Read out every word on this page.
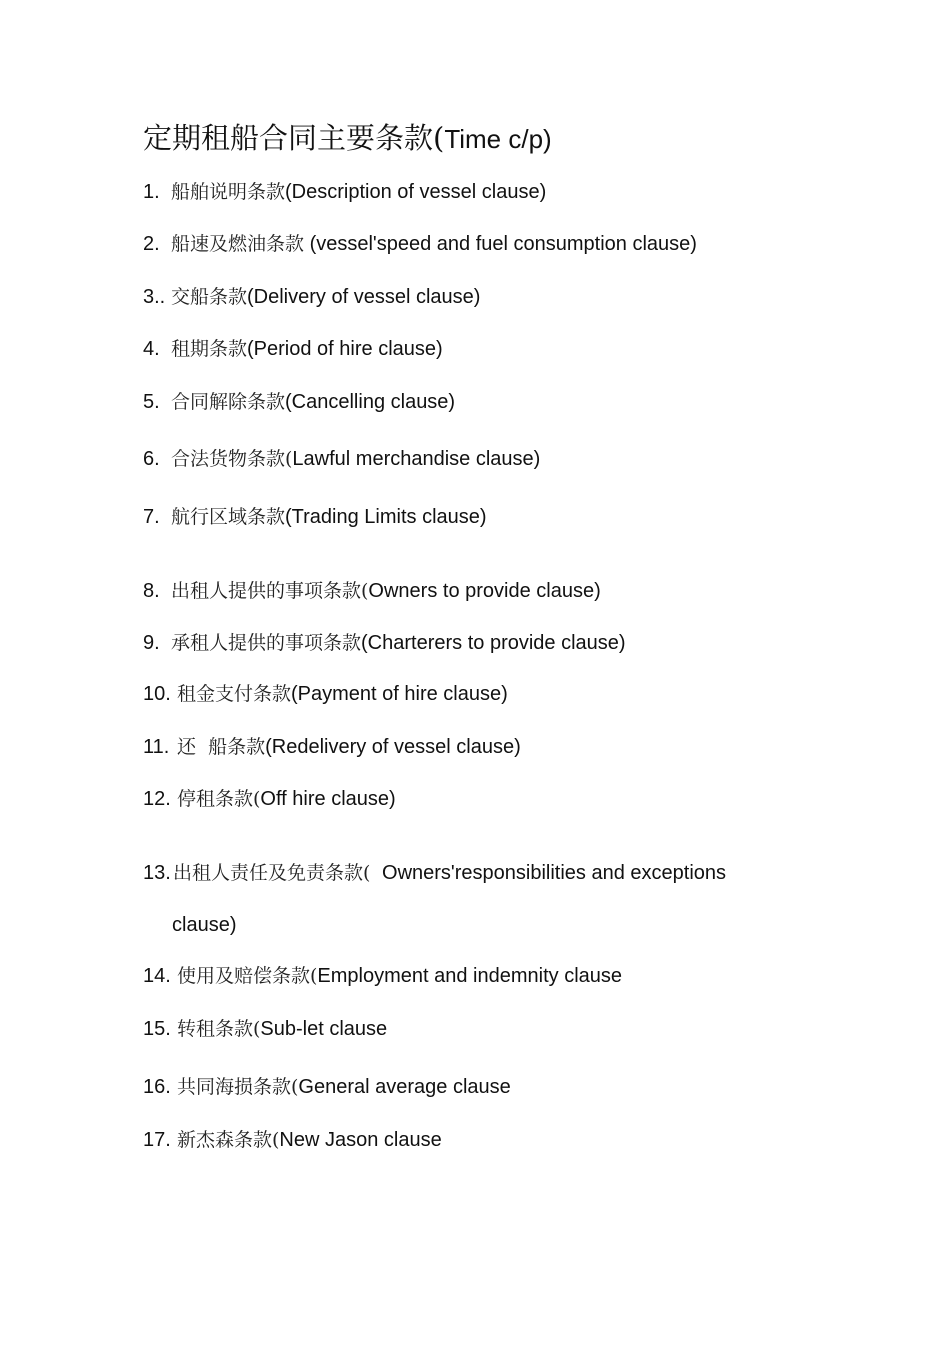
定期租船合同主要条款(Time c/p)
1. 船舶说明条款(Description of vessel clause)
2. 船速及燃油条款 (vessel'speed and fuel consumption clause)
3.. 交船条款(Delivery of vessel clause)
4. 租期条款(Period of hire clause)
5. 合同解除条款(Cancelling clause)
6. 合法货物条款(Lawful merchandise clause)
7. 航行区域条款(Trading Limits clause)
8. 出租人提供的事项条款(Owners to provide clause)
9. 承租人提供的事项条款(Charterers to provide clause)
10. 租金支付条款(Payment of hire clause)
11. 还  船条款(Redelivery of vessel clause)
12. 停租条款(Off hire clause)
13. 出租人责任及免责条款(  Owners'responsibilities and exceptions
clause)
14. 使用及赔偿条款(Employment and indemnity clause
15. 转租条款(Sub-let clause
16. 共同海损条款(General average clause
17. 新杰森条款(New Jason clause
